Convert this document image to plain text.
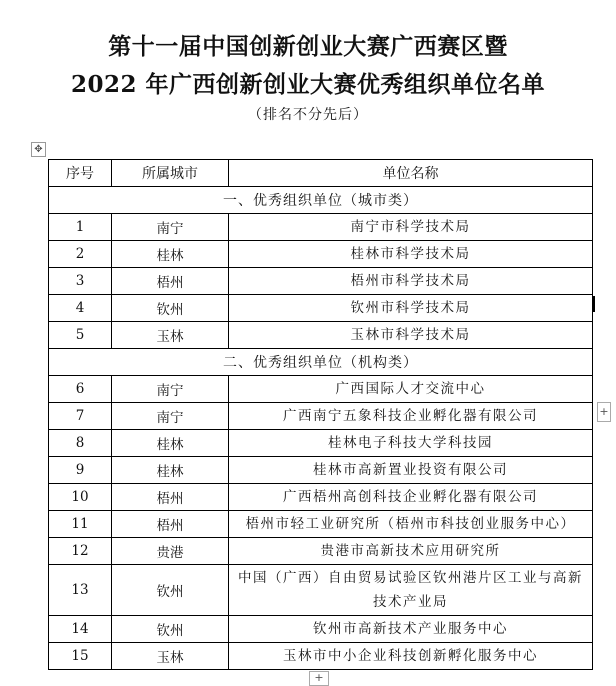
第十一届中国创新创业大赛广西赛区暨
2022 年广西创新创业大赛优秀组织单位名单
（排名不分先后）
✥
序号	所属城市	单位名称
一、优秀组织单位（城市类）		
1	南宁	南宁市科学技术局
2	桂林	桂林市科学技术局
3	梧州	梧州市科学技术局
4	钦州	钦州市科学技术局
5	玉林	玉林市科学技术局
二、优秀组织单位（机构类）		
6	南宁	广西国际人才交流中心
7	南宁	广西南宁五象科技企业孵化器有限公司
8	桂林	桂林电子科技大学科技园
9	桂林	桂林市高新置业投资有限公司
10	梧州	广西梧州高创科技企业孵化器有限公司
11	梧州	梧州市轻工业研究所（梧州市科技创业服务中心）
12	贵港	贵港市高新技术应用研究所
13	钦州	中国（广西）自由贸易试验区钦州港片区工业与高新技术产业局
14	钦州	钦州市高新技术产业服务中心
15	玉林	玉林市中小企业科技创新孵化服务中心
+
+
